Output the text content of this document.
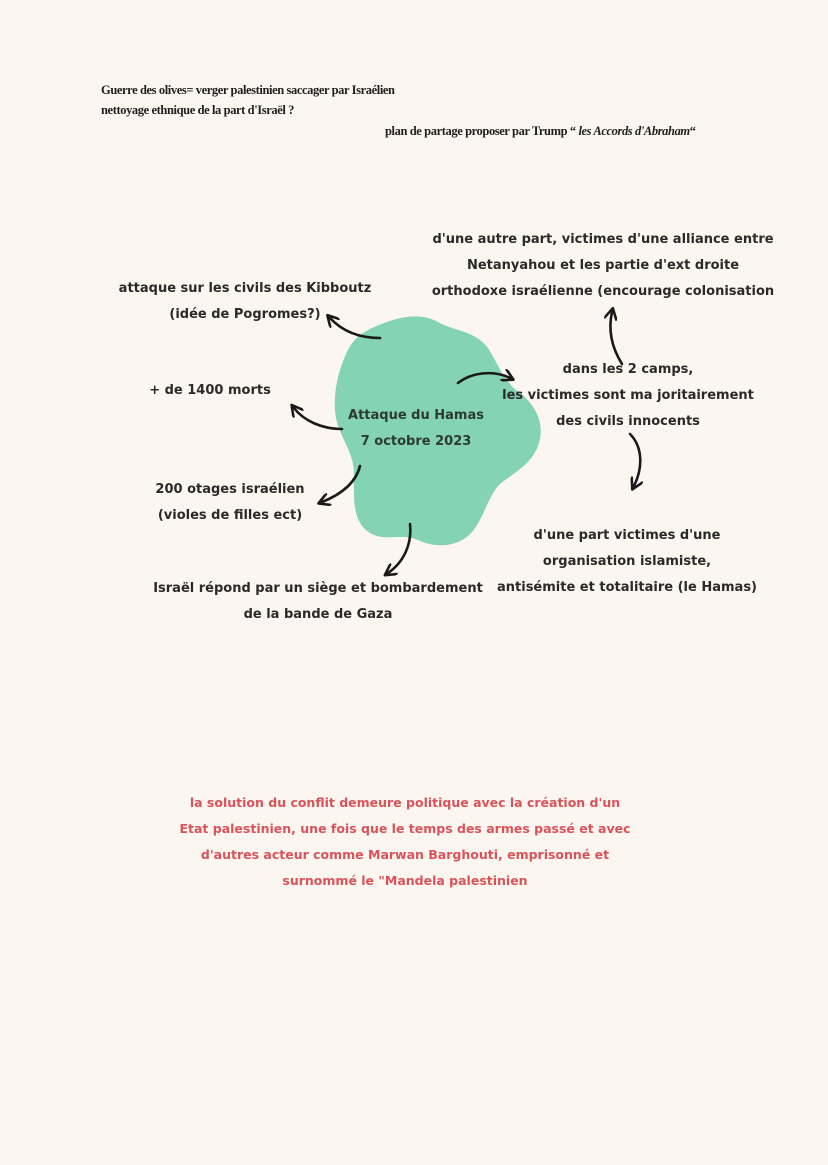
Guerre des olives= verger palestinien saccager par Israélien
nettoyage ethnique de la part d'Israël ?
plan de partage proposer par Trump “ les Accords d'Abraham“
Attaque du Hamas
7 octobre 2023
attaque sur les civils des Kibboutz
(idée de Pogromes?)
+ de 1400 morts
200 otages israélien
(violes de filles ect)
Israël répond par un siège et bombardement
de la bande de Gaza
dans les 2 camps,
les victimes sont ma joritairement
des civils innocents
d'une autre part, victimes d'une alliance entre
Netanyahou et les partie d'ext droite
orthodoxe israélienne (encourage colonisation
d'une part victimes d'une
organisation islamiste,
antisémite et totalitaire (le Hamas)
la solution du conflit demeure politique avec la création d'un
Etat palestinien, une fois que le temps des armes passé et avec
d'autres acteur comme Marwan Barghouti, emprisonné et
surnommé le "Mandela palestinien
